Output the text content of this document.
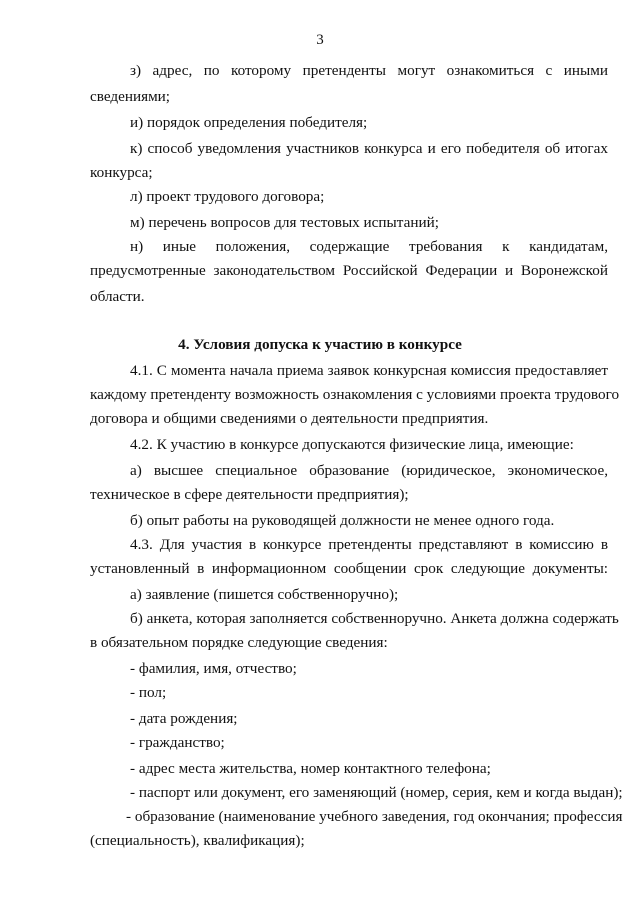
3
з) адрес, по которому претенденты могут ознакомиться с иными
сведениями;
и) порядок определения победителя;
к) способ уведомления участников конкурса и его победителя об итогах
конкурса;
л) проект трудового договора;
м) перечень вопросов для тестовых испытаний;
н) иные положения, содержащие требования к кандидатам,
предусмотренные законодательством Российской Федерации и Воронежской
области.
4. Условия допуска к участию в конкурсе
4.1. С момента начала приема заявок конкурсная комиссия предоставляет
каждому претенденту возможность ознакомления с условиями проекта трудового
договора и общими сведениями о деятельности предприятия.
4.2. К участию в конкурсе допускаются физические лица, имеющие:
а) высшее специальное образование (юридическое, экономическое,
техническое в сфере деятельности предприятия);
б) опыт работы на руководящей должности не менее одного года.
4.3. Для участия в конкурсе претенденты представляют в комиссию в
установленный в информационном сообщении срок следующие документы:
а) заявление (пишется собственноручно);
б) анкета, которая заполняется собственноручно. Анкета должна содержать
в обязательном порядке следующие сведения:
- фамилия, имя, отчество;
- пол;
- дата рождения;
- гражданство;
- адрес места жительства, номер контактного телефона;
- паспорт или документ, его заменяющий (номер, серия, кем и когда выдан);
- образование (наименование учебного заведения, год окончания; профессия
(специальность), квалификация);
